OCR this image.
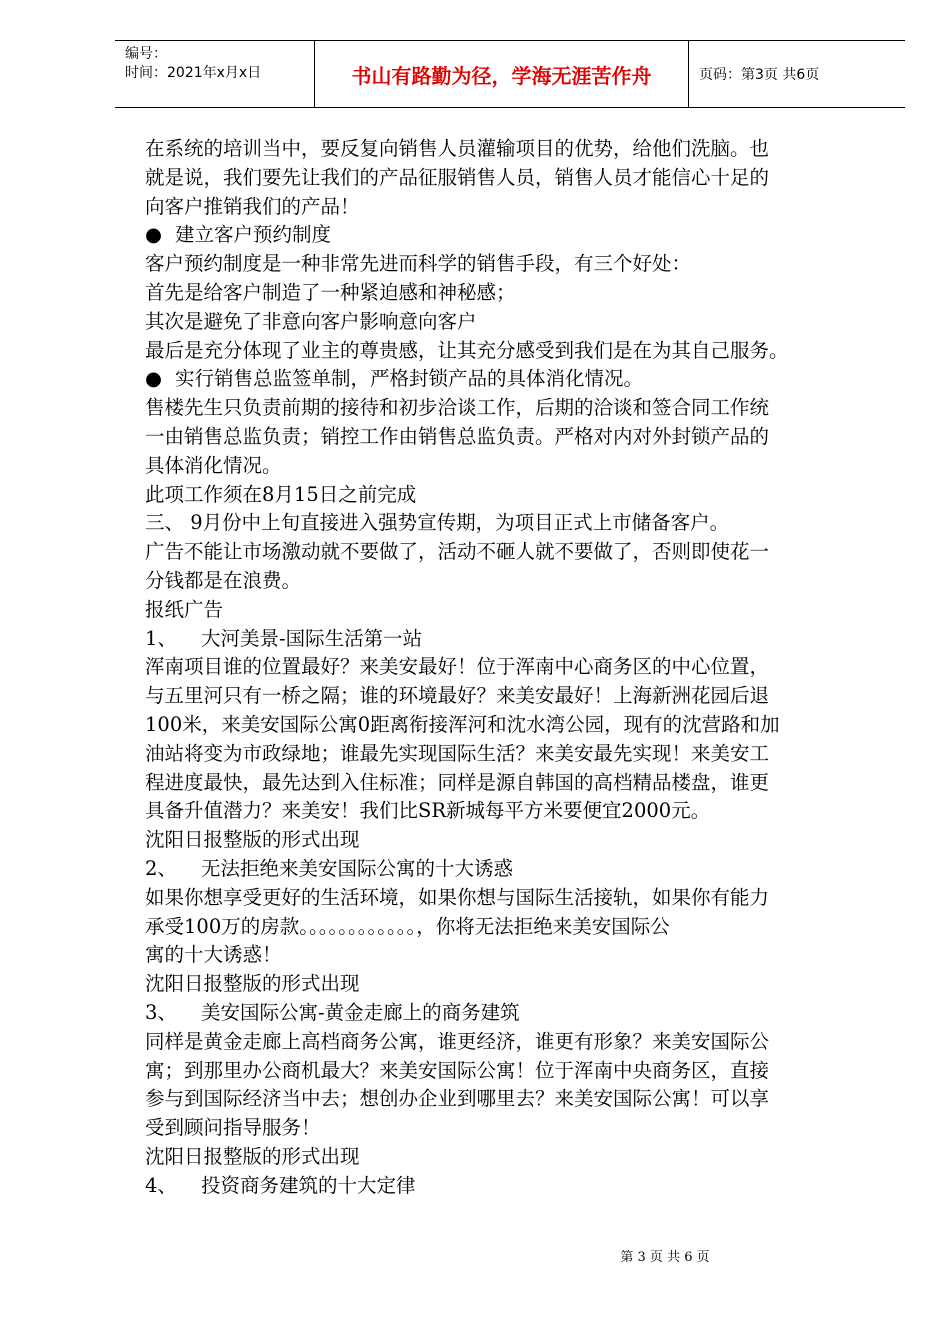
编号：
时间：2021年x月x日	书山有路勤为径，学海无涯苦作舟	页码：第3页 共6页
在系统的培训当中，要反复向销售人员灌输项目的优势，给他们洗脑。也
就是说，我们要先让我们的产品征服销售人员，销售人员才能信心十足的
向客户推销我们的产品！
● 建立客户预约制度
客户预约制度是一种非常先进而科学的销售手段，有三个好处：
首先是给客户制造了一种紧迫感和神秘感；
其次是避免了非意向客户影响意向客户
最后是充分体现了业主的尊贵感，让其充分感受到我们是在为其自己服务。
● 实行销售总监签单制，严格封锁产品的具体消化情况。
售楼先生只负责前期的接待和初步洽谈工作，后期的洽谈和签合同工作统
一由销售总监负责；销控工作由销售总监负责。严格对内对外封锁产品的
具体消化情况。
此项工作须在8月15日之前完成
三、 9月份中上旬直接进入强势宣传期，为项目正式上市储备客户。
广告不能让市场激动就不要做了，活动不砸人就不要做了，否则即使花一
分钱都是在浪费。
报纸广告
1、 大河美景-国际生活第一站
浑南项目谁的位置最好？来美安最好！位于浑南中心商务区的中心位置，
与五里河只有一桥之隔；谁的环境最好？来美安最好！上海新洲花园后退
100米，来美安国际公寓0距离衔接浑河和沈水湾公园，现有的沈营路和加
油站将变为市政绿地；谁最先实现国际生活？来美安最先实现！来美安工
程进度最快，最先达到入住标准；同样是源自韩国的高档精品楼盘，谁更
具备升值潜力？来美安！我们比SR新城每平方米要便宜2000元。
沈阳日报整版的形式出现
2、 无法拒绝来美安国际公寓的十大诱惑
如果你想享受更好的生活环境，如果你想与国际生活接轨，如果你有能力
承受100万的房款。。。。。。。。。。。。，你将无法拒绝来美安国际公
寓的十大诱惑！
沈阳日报整版的形式出现
3、 美安国际公寓-黄金走廊上的商务建筑
同样是黄金走廊上高档商务公寓，谁更经济，谁更有形象？来美安国际公
寓；到那里办公商机最大？来美安国际公寓！位于浑南中央商务区，直接
参与到国际经济当中去；想创办企业到哪里去？来美安国际公寓！可以享
受到顾问指导服务！
沈阳日报整版的形式出现
4、 投资商务建筑的十大定律
第 3 页 共 6 页
